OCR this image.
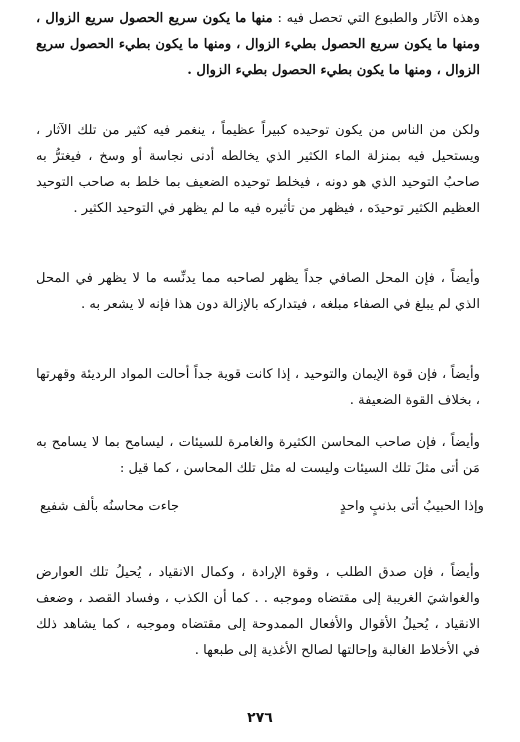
وهذه الآثار والطبوع التي تحصل فيه : منها ما يكون سريع الحصول سريع الزوال ، ومنها ما يكون سريع الحصول بطيء الزوال ، ومنها ما يكون بطيء الحصول سريع الزوال ، ومنها ما يكون بطيء الحصول بطيء الزوال .

ولكن من الناس من يكون توحيده كبيراً عظيماً ، ينغمر فيه كثير من تلك الآثار ، ويستحيل فيه بمنزلة الماء الكثير الذي يخالطه أدنى نجاسة أو وسخ ، فيغترُّ به صاحبُ التوحيد الذي هو دونه ، فيخلط توحيده الضعيف بما خلط به صاحب التوحيد العظيم الكثير توحيدَه ، فيظهر من تأثيره فيه ما لم يظهر في التوحيد الكثير .

وأيضاً ، فإن المحل الصافي جداً يظهر لصاحبه مما يدنِّسه ما لا يظهر في المحل الذي لم يبلغ في الصفاء مبلغه ، فيتداركه بالإزالة دون هذا فإنه لا يشعر به .

وأيضاً ، فإن قوة الإيمان والتوحيد ، إذا كانت قوية جداً أحالت المواد الرديئة وقهرتها ، بخلاف القوة الضعيفة .

وأيضاً ، فإن صاحب المحاسن الكثيرة والغامرة للسيئات ، ليسامح بما لا يسامح به مَن أتى مثلَ تلك السيئات وليست له مثل تلك المحاسن ، كما قيل :

وإذا الحبيبُ أتى بذنبٍ واحدٍ
جاءت محاسنُه بألف شفيع

وأيضاً ، فإن صدق الطلب ، وقوة الإرادة ، وكمال الانقياد ، يُحيلُ تلك العوارض والغواشيَ الغريبة إلى مقتضاه وموجبه . . كما أن الكذب ، وفساد القصد ، وضعف الانقياد ، يُحيلُ الأقوال والأفعال الممدوحة إلى مقتضاه وموجبه ، كما يشاهد ذلك في الأخلاط الغالبة وإحالتها لصالح الأغذية إلى طبعها .

٢٧٦
